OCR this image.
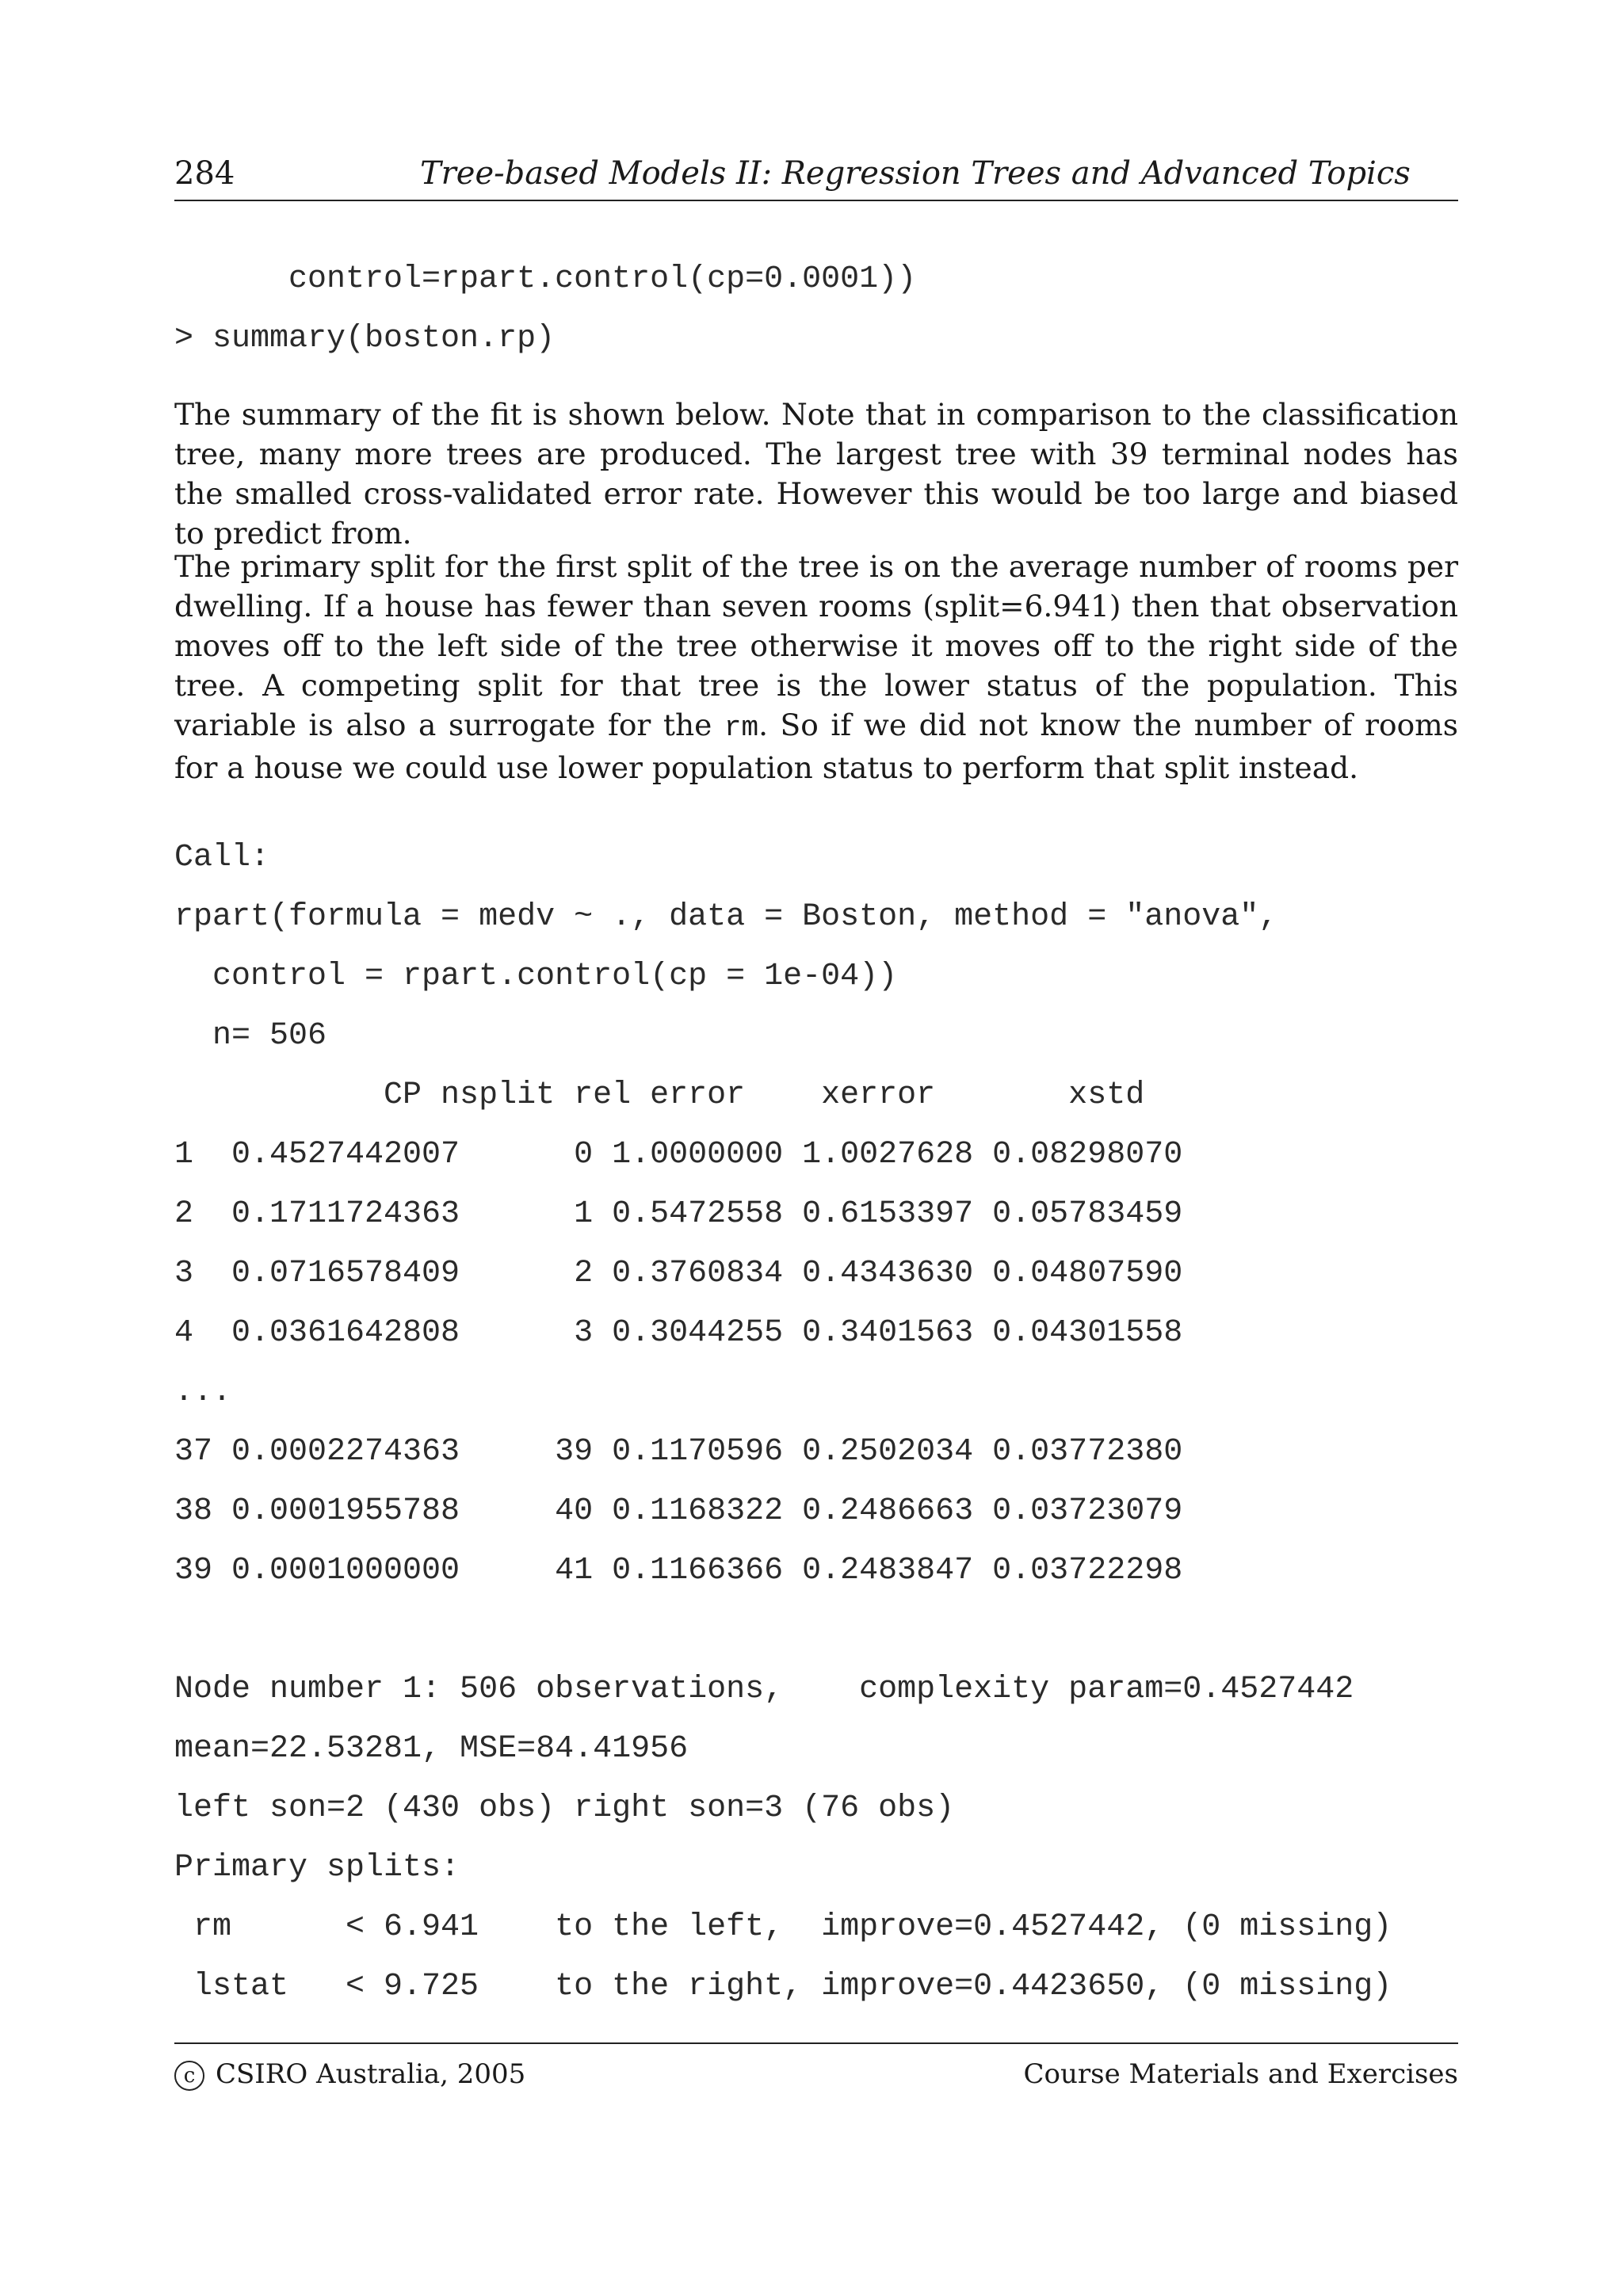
284	Tree-based Models II: Regression Trees and Advanced Topics
control=rpart.control(cp=0.0001))
> summary(boston.rp)
The summary of the fit is shown below. Note that in comparison to the classification tree, many more trees are produced. The largest tree with 39 terminal nodes has the smalled cross-validated error rate. However this would be too large and biased to predict from.
The primary split for the first split of the tree is on the average number of rooms per dwelling. If a house has fewer than seven rooms (split=6.941) then that observation moves off to the left side of the tree otherwise it moves off to the right side of the tree. A competing split for that tree is the lower status of the population. This variable is also a surrogate for the rm. So if we did not know the number of rooms for a house we could use lower population status to perform that split instead.
Call:
rpart(formula = medv ~ ., data = Boston, method = "anova",
control = rpart.control(cp = 1e-04))
n= 506
CP nsplit rel error    xerror       xstd
1  0.4527442007      0 1.0000000 1.0027628 0.08298070
2  0.1711724363      1 0.5472558 0.6153397 0.05783459
3  0.0716578409      2 0.3760834 0.4343630 0.04807590
4  0.0361642808      3 0.3044255 0.3401563 0.04301558
...
37 0.0002274363     39 0.1170596 0.2502034 0.03772380
38 0.0001955788     40 0.1168322 0.2486663 0.03723079
39 0.0001000000     41 0.1166366 0.2483847 0.03722298
Node number 1: 506 observations,    complexity param=0.4527442
mean=22.53281, MSE=84.41956
left son=2 (430 obs) right son=3 (76 obs)
Primary splits:
rm      < 6.941    to the left,  improve=0.4527442, (0 missing)
lstat   < 9.725    to the right, improve=0.4423650, (0 missing)
c CSIRO Australia, 2005	Course Materials and Exercises
